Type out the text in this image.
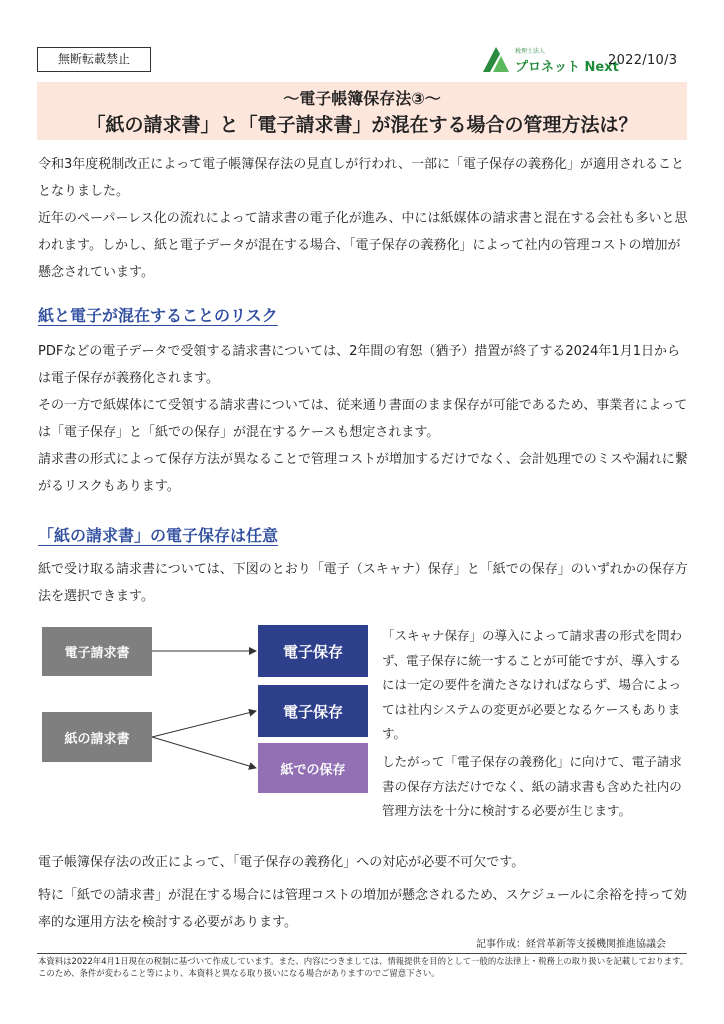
無断転載禁止
税理士法人
プロネット Next
2022/10/3
～電子帳簿保存法③～
「紙の請求書」と「電子請求書」が混在する場合の管理方法は？
令和3年度税制改正によって電子帳簿保存法の見直しが行われ、一部に「電子保存の義務化」が適用されることとなりました。
近年のペーパーレス化の流れによって請求書の電子化が進み、中には紙媒体の請求書と混在する会社も多いと思われます。しかし、紙と電子データが混在する場合、「電子保存の義務化」によって社内の管理コストの増加が懸念されています。
紙と電子が混在することのリスク
PDFなどの電子データで受領する請求書については、2年間の宥恕（猶予）措置が終了する2024年1月1日からは電子保存が義務化されます。
その一方で紙媒体にて受領する請求書については、従来通り書面のまま保存が可能であるため、事業者によっては「電子保存」と「紙での保存」が混在するケースも想定されます。
請求書の形式によって保存方法が異なることで管理コストが増加するだけでなく、会計処理でのミスや漏れに繋がるリスクもあります。
「紙の請求書」の電子保存は任意
紙で受け取る請求書については、下図のとおり「電子（スキャナ）保存」と「紙での保存」のいずれかの保存方法を選択できます。
電子請求書
紙の請求書
電子保存
電子保存
紙での保存
「スキャナ保存」の導入によって請求書の形式を問わず、電子保存に統一することが可能ですが、導入するには一定の要件を満たさなければならず、場合によっては社内システムの変更が必要となるケースもあります。
したがって「電子保存の義務化」に向けて、電子請求書の保存方法だけでなく、紙の請求書も含めた社内の管理方法を十分に検討する必要が生じます。
電子帳簿保存法の改正によって、「電子保存の義務化」への対応が必要不可欠です。
特に「紙での請求書」が混在する場合には管理コストの増加が懸念されるため、スケジュールに余裕を持って効率的な運用方法を検討する必要があります。
記事作成：経営革新等支援機関推進協議会
本資料は2022年4月1日現在の税制に基づいて作成しています。また、内容につきましては、情報提供を目的として一般的な法律上・税務上の取り扱いを記載しております。このため、条件が変わること等により、本資料と異なる取り扱いになる場合がありますのでご留意下さい。
